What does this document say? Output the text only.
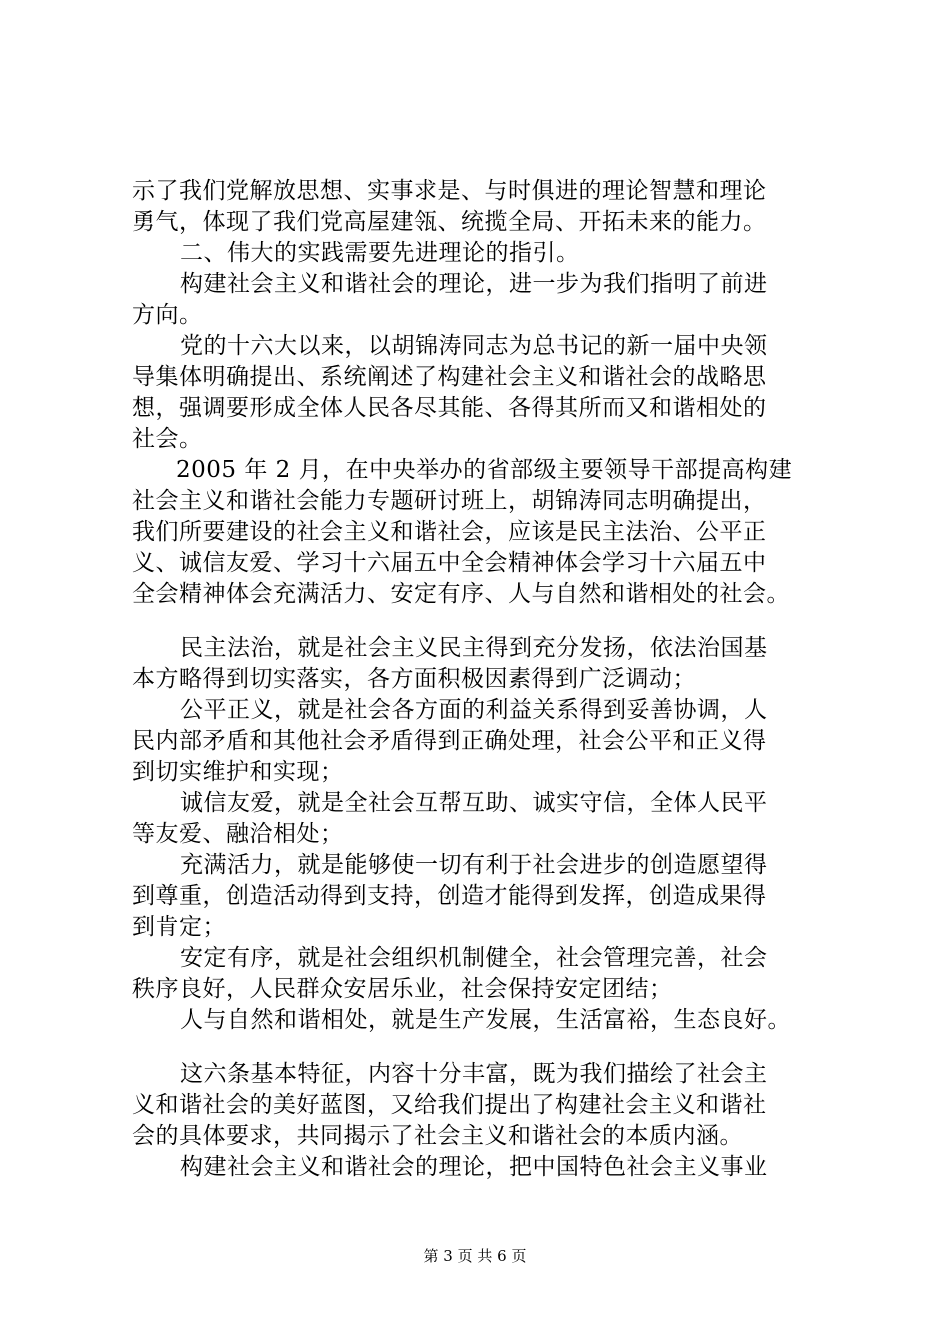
示了我们党解放思想、实事求是、与时俱进的理论智慧和理论
勇气，体现了我们党高屋建瓴、统揽全局、开拓未来的能力。
二、伟大的实践需要先进理论的指引。
构建社会主义和谐社会的理论，进一步为我们指明了前进
方向。
党的十六大以来，以胡锦涛同志为总书记的新一届中央领
导集体明确提出、系统阐述了构建社会主义和谐社会的战略思
想，强调要形成全体人民各尽其能、各得其所而又和谐相处的
社会。
2005 年 2 月，在中央举办的省部级主要领导干部提高构建
社会主义和谐社会能力专题研讨班上，胡锦涛同志明确提出，
我们所要建设的社会主义和谐社会，应该是民主法治、公平正
义、诚信友爱、学习十六届五中全会精神体会学习十六届五中
全会精神体会充满活力、安定有序、人与自然和谐相处的社会。
民主法治，就是社会主义民主得到充分发扬，依法治国基
本方略得到切实落实，各方面积极因素得到广泛调动；
公平正义，就是社会各方面的利益关系得到妥善协调，人
民内部矛盾和其他社会矛盾得到正确处理，社会公平和正义得
到切实维护和实现；
诚信友爱，就是全社会互帮互助、诚实守信，全体人民平
等友爱、融洽相处；
充满活力，就是能够使一切有利于社会进步的创造愿望得
到尊重，创造活动得到支持，创造才能得到发挥，创造成果得
到肯定；
安定有序，就是社会组织机制健全，社会管理完善，社会
秩序良好，人民群众安居乐业，社会保持安定团结；
人与自然和谐相处，就是生产发展，生活富裕，生态良好。
这六条基本特征，内容十分丰富，既为我们描绘了社会主
义和谐社会的美好蓝图，又给我们提出了构建社会主义和谐社
会的具体要求，共同揭示了社会主义和谐社会的本质内涵。
构建社会主义和谐社会的理论，把中国特色社会主义事业
第 3 页 共 6 页
